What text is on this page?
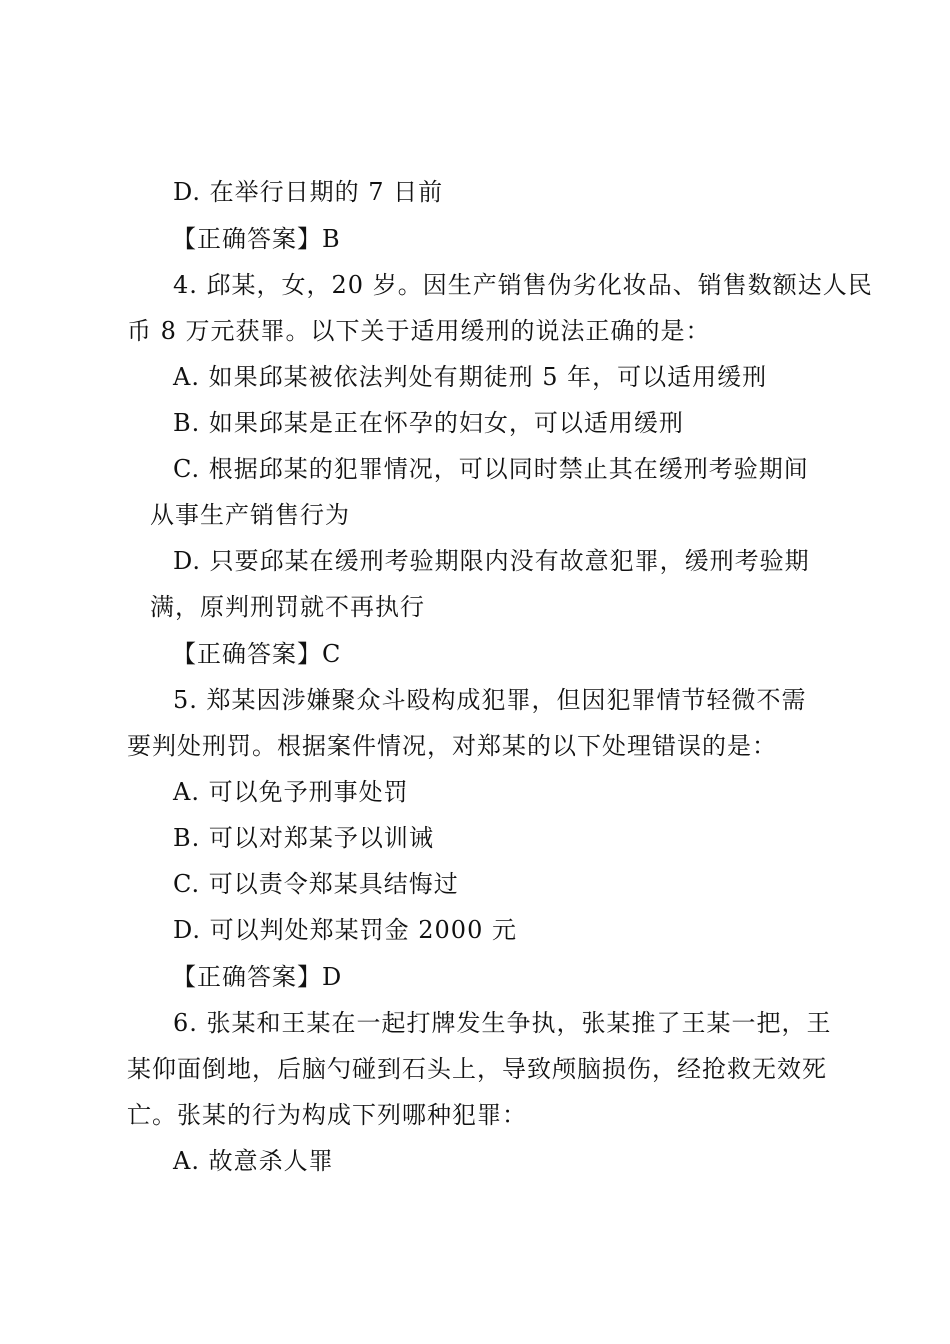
D. 在举行日期的 7 日前
【正确答案】B
4. 邱某，女，20 岁。因生产销售伪劣化妆品、销售数额达人民
币 8 万元获罪。以下关于适用缓刑的说法正确的是：
A. 如果邱某被依法判处有期徒刑 5 年，可以适用缓刑
B. 如果邱某是正在怀孕的妇女，可以适用缓刑
C. 根据邱某的犯罪情况，可以同时禁止其在缓刑考验期间
从事生产销售行为
D. 只要邱某在缓刑考验期限内没有故意犯罪，缓刑考验期
满，原判刑罚就不再执行
【正确答案】C
5. 郑某因涉嫌聚众斗殴构成犯罪，但因犯罪情节轻微不需
要判处刑罚。根据案件情况，对郑某的以下处理错误的是：
A. 可以免予刑事处罚
B. 可以对郑某予以训诫
C. 可以责令郑某具结悔过
D. 可以判处郑某罚金 2000 元
【正确答案】D
6. 张某和王某在一起打牌发生争执，张某推了王某一把，王
某仰面倒地，后脑勺碰到石头上，导致颅脑损伤，经抢救无效死
亡。张某的行为构成下列哪种犯罪：
A. 故意杀人罪
